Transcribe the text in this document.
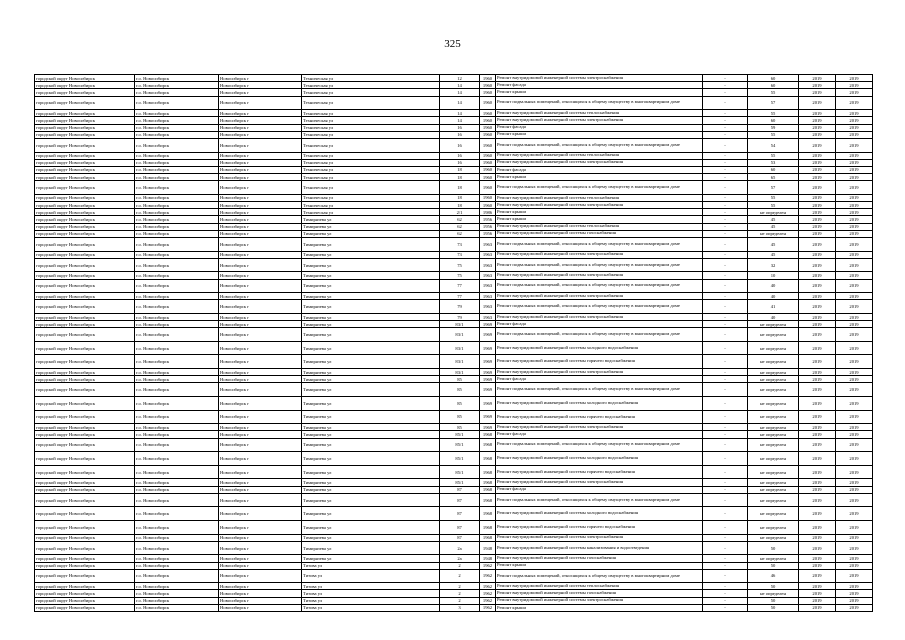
325
городской округ Новосибирск	г.о. Новосибирск	Новосибирск г	Техническая ул	12	1960	Ремонт внутридомовой инженерной системы электроснабжения	-	60	2019	2019
городской округ Новосибирск	г.о. Новосибирск	Новосибирск г	Техническая ул	14	1960	Ремонт фасада	-	60	2019	2019
городской округ Новосибирск	г.о. Новосибирск	Новосибирск г	Техническая ул	14	1960	Ремонт крыши	-	55	2019	2019
городской округ Новосибирск	г.о. Новосибирск	Новосибирск г	Техническая ул	14	1960	Ремонт подвальных помещений, относящихся к общему имуществу в многоквартирном доме	-	57	2019	2019
городской округ Новосибирск	г.о. Новосибирск	Новосибирск г	Техническая ул	14	1960	Ремонт внутридомовой инженерной системы теплоснабжения	-	55	2019	2019
городской округ Новосибирск	г.о. Новосибирск	Новосибирск г	Техническая ул	14	1960	Ремонт внутридомовой инженерной системы электроснабжения	-	60	2019	2019
городской округ Новосибирск	г.о. Новосибирск	Новосибирск г	Техническая ул	16	1960	Ремонт фасада	-	59	2019	2019
городской округ Новосибирск	г.о. Новосибирск	Новосибирск г	Техническая ул	16	1960	Ремонт крыши	-	55	2019	2019
городской округ Новосибирск	г.о. Новосибирск	Новосибирск г	Техническая ул	16	1960	Ремонт подвальных помещений, относящихся к общему имуществу в многоквартирном доме	-	54	2019	2019
городской округ Новосибирск	г.о. Новосибирск	Новосибирск г	Техническая ул	16	1960	Ремонт внутридомовой инженерной системы теплоснабжения	-	55	2019	2019
городской округ Новосибирск	г.о. Новосибирск	Новосибирск г	Техническая ул	16	1960	Ремонт внутридомовой инженерной системы электроснабжения	-	53	2019	2019
городской округ Новосибирск	г.о. Новосибирск	Новосибирск г	Техническая ул	18	1960	Ремонт фасада	-	60	2019	2019
городской округ Новосибирск	г.о. Новосибирск	Новосибирск г	Техническая ул	18	1960	Ремонт крыши	-	65	2019	2019
городской округ Новосибирск	г.о. Новосибирск	Новосибирск г	Техническая ул	18	1960	Ремонт подвальных помещений, относящихся к общему имуществу в многоквартирном доме	-	57	2019	2019
городской округ Новосибирск	г.о. Новосибирск	Новосибирск г	Техническая ул	18	1960	Ремонт внутридомовой инженерной системы теплоснабжения	-	55	2019	2019
городской округ Новосибирск	г.о. Новосибирск	Новосибирск г	Техническая ул	18	1960	Ремонт внутридомовой инженерной системы электроснабжения	-	55	2019	2019
городской округ Новосибирск	г.о. Новосибирск	Новосибирск г	Техническая ул	2/1	1986	Ремонт крыши	-	не определен	2019	2019
городской округ Новосибирск	г.о. Новосибирск	Новосибирск г	Тимирязева ул	62	1956	Ремонт крыши	-	45	2019	2019
городской округ Новосибирск	г.о. Новосибирск	Новосибирск г	Тимирязева ул	62	1956	Ремонт внутридомовой инженерной системы теплоснабжения	-	45	2019	2019
городской округ Новосибирск	г.о. Новосибирск	Новосибирск г	Тимирязева ул	62	1956	Ремонт внутридомовой инженерной системы газоснабжения	-	не определен	2019	2019
городской округ Новосибирск	г.о. Новосибирск	Новосибирск г	Тимирязева ул	73	1963	Ремонт подвальных помещений, относящихся к общему имуществу в многоквартирном доме	-	45	2019	2019
городской округ Новосибирск	г.о. Новосибирск	Новосибирск г	Тимирязева ул	73	1963	Ремонт внутридомовой инженерной системы электроснабжения	-	45	2019	2019
городской округ Новосибирск	г.о. Новосибирск	Новосибирск г	Тимирязева ул	75	1963	Ремонт подвальных помещений, относящихся к общему имуществу в многоквартирном доме	-	32	2019	2019
городской округ Новосибирск	г.о. Новосибирск	Новосибирск г	Тимирязева ул	75	1963	Ремонт внутридомовой инженерной системы электроснабжения	-	10	2019	2019
городской округ Новосибирск	г.о. Новосибирск	Новосибирск г	Тимирязева ул	77	1963	Ремонт подвальных помещений, относящихся к общему имуществу в многоквартирном доме	-	40	2019	2019
городской округ Новосибирск	г.о. Новосибирск	Новосибирск г	Тимирязева ул	77	1963	Ремонт внутридомовой инженерной системы электроснабжения	-	40	2019	2019
городской округ Новосибирск	г.о. Новосибирск	Новосибирск г	Тимирязева ул	79	1963	Ремонт подвальных помещений, относящихся к общему имуществу в многоквартирном доме	-	41	2019	2019
городской округ Новосибирск	г.о. Новосибирск	Новосибирск г	Тимирязева ул	79	1963	Ремонт внутридомовой инженерной системы электроснабжения	-	40	2019	2019
городской округ Новосибирск	г.о. Новосибирск	Новосибирск г	Тимирязева ул	83/1	1969	Ремонт фасада	-	не определен	2019	2019
городской округ Новосибирск	г.о. Новосибирск	Новосибирск г	Тимирязева ул	83/1	1969	Ремонт подвальных помещений, относящихся к общему имуществу в многоквартирном доме	-	не определен	2019	2019
городской округ Новосибирск	г.о. Новосибирск	Новосибирск г	Тимирязева ул	83/1	1969	Ремонт внутридомовой инженерной системы холодного водоснабжения	-	не определен	2019	2019
городской округ Новосибирск	г.о. Новосибирск	Новосибирск г	Тимирязева ул	83/1	1969	Ремонт внутридомовой инженерной системы горячего водоснабжения	-	не определен	2019	2019
городской округ Новосибирск	г.о. Новосибирск	Новосибирск г	Тимирязева ул	83/1	1969	Ремонт внутридомовой инженерной системы электроснабжения	-	не определен	2019	2019
городской округ Новосибирск	г.о. Новосибирск	Новосибирск г	Тимирязева ул	85	1969	Ремонт фасада	-	не определен	2019	2019
городской округ Новосибирск	г.о. Новосибирск	Новосибирск г	Тимирязева ул	85	1969	Ремонт подвальных помещений, относящихся к общему имуществу в многоквартирном доме	-	не определен	2019	2019
городской округ Новосибирск	г.о. Новосибирск	Новосибирск г	Тимирязева ул	85	1969	Ремонт внутридомовой инженерной системы холодного водоснабжения	-	не определен	2019	2019
городской округ Новосибирск	г.о. Новосибирск	Новосибирск г	Тимирязева ул	85	1969	Ремонт внутридомовой инженерной системы горячего водоснабжения	-	не определен	2019	2019
городской округ Новосибирск	г.о. Новосибирск	Новосибирск г	Тимирязева ул	85	1969	Ремонт внутридомовой инженерной системы электроснабжения	-	не определен	2019	2019
городской округ Новосибирск	г.о. Новосибирск	Новосибирск г	Тимирязева ул	85/1	1968	Ремонт фасада	-	не определен	2019	2019
городской округ Новосибирск	г.о. Новосибирск	Новосибирск г	Тимирязева ул	85/1	1968	Ремонт подвальных помещений, относящихся к общему имуществу в многоквартирном доме	-	не определен	2019	2019
городской округ Новосибирск	г.о. Новосибирск	Новосибирск г	Тимирязева ул	85/1	1968	Ремонт внутридомовой инженерной системы холодного водоснабжения	-	не определен	2019	2019
городской округ Новосибирск	г.о. Новосибирск	Новосибирск г	Тимирязева ул	85/1	1968	Ремонт внутридомовой инженерной системы горячего водоснабжения	-	не определен	2019	2019
городской округ Новосибирск	г.о. Новосибирск	Новосибирск г	Тимирязева ул	85/1	1968	Ремонт внутридомовой инженерной системы электроснабжения	-	не определен	2019	2019
городской округ Новосибирск	г.о. Новосибирск	Новосибирск г	Тимирязева ул	87	1968	Ремонт фасада	-	не определен	2019	2019
городской округ Новосибирск	г.о. Новосибирск	Новосибирск г	Тимирязева ул	87	1968	Ремонт подвальных помещений, относящихся к общему имуществу в многоквартирном доме	-	не определен	2019	2019
городской округ Новосибирск	г.о. Новосибирск	Новосибирск г	Тимирязева ул	87	1968	Ремонт внутридомовой инженерной системы холодного водоснабжения	-	не определен	2019	2019
городской округ Новосибирск	г.о. Новосибирск	Новосибирск г	Тимирязева ул	87	1968	Ремонт внутридомовой инженерной системы горячего водоснабжения	-	не определен	2019	2019
городской округ Новосибирск	г.о. Новосибирск	Новосибирск г	Тимирязева ул	87	1968	Ремонт внутридомовой инженерной системы электроснабжения	-	не определен	2019	2019
городской округ Новосибирск	г.о. Новосибирск	Новосибирск г	Тимирязева ул	2a	1948	Ремонт внутридомовой инженерной системы канализования и водоотведения	-	50	2019	2019
городской округ Новосибирск	г.о. Новосибирск	Новосибирск г	Тимирязева ул	2a	1948	Ремонт внутридомовой инженерной системы газоснабжения	-	не определен	2019	2019
городской округ Новосибирск	г.о. Новосибирск	Новосибирск г	Титова ул	2	1962	Ремонт крыши	-	50	2019	2019
городской округ Новосибирск	г.о. Новосибирск	Новосибирск г	Титова ул	2	1962	Ремонт подвальных помещений, относящихся к общему имуществу в многоквартирном доме	-	46	2019	2019
городской округ Новосибирск	г.о. Новосибирск	Новосибирск г	Титова ул	2	1962	Ремонт внутридомовой инженерной системы теплоснабжения	-	50	2019	2019
городской округ Новосибирск	г.о. Новосибирск	Новосибирск г	Титова ул	2	1962	Ремонт внутридомовой инженерной системы газоснабжения	-	не определен	2019	2019
городской округ Новосибирск	г.о. Новосибирск	Новосибирск г	Титова ул	2	1962	Ремонт внутридомовой инженерной системы электроснабжения	-	50	2019	2019
городской округ Новосибирск	г.о. Новосибирск	Новосибирск г	Титова ул	3	1962	Ремонт крыши	-	50	2019	2019
